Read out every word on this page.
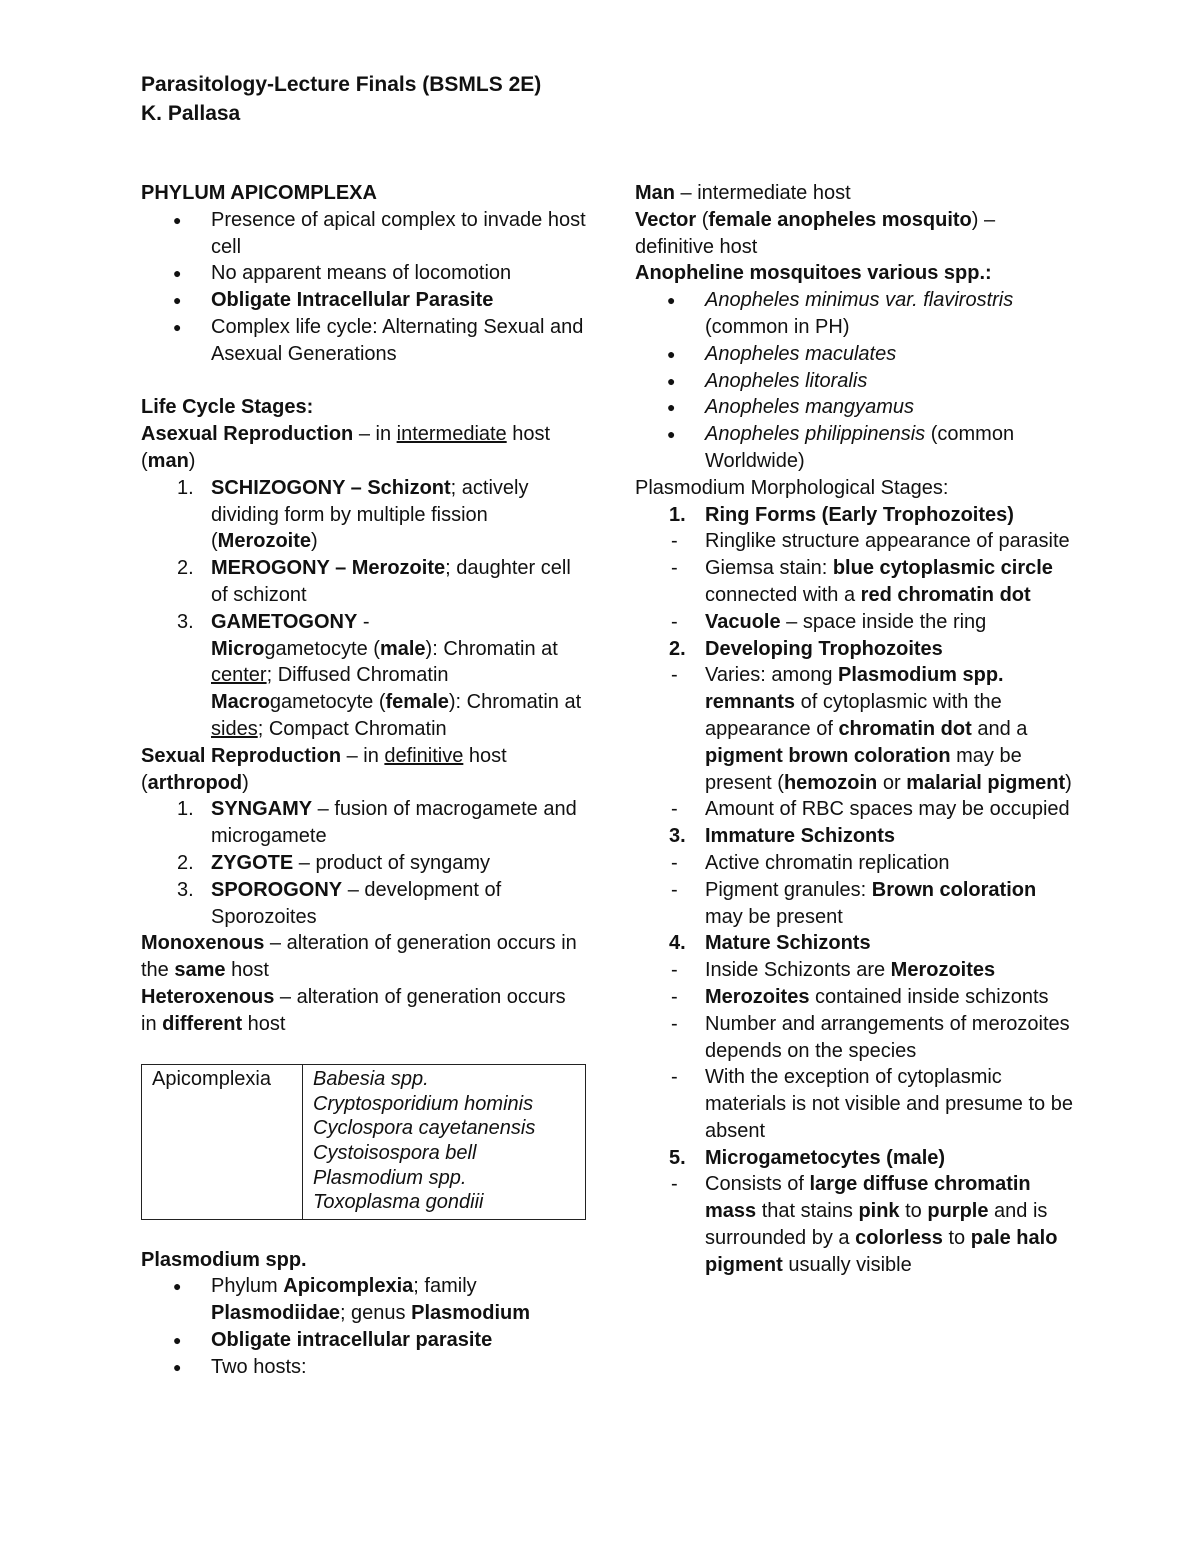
Parasitology-Lecture Finals (BSMLS 2E)
K. Pallasa

PHYLUM APICOMPLEXA

● Presence of apical complex to invade host cell

● No apparent means of locomotion

● Obligate Intracellular Parasite

● Complex life cycle: Alternating Sexual and Asexual Generations

Life Cycle Stages:

Asexual Reproduction – in intermediate host (man)

1. SCHIZOGONY – Schizont; actively dividing form by multiple fission (Merozoite)

2. MEROGONY – Merozoite; daughter cell of schizont

3. GAMETOGONY -

Microgametocyte (male): Chromatin at center; Diffused Chromatin

Macrogametocyte (female): Chromatin at sides; Compact Chromatin

Sexual Reproduction – in definitive host (arthropod)

1. SYNGAMY – fusion of macrogamete and microgamete

2. ZYGOTE – product of syngamy

3. SPOROGONY – development of Sporozoites

Monoxenous – alteration of generation occurs in the same host

Heteroxenous – alteration of generation occurs in different host

Apicomplexia	Babesia spp.
Cryptosporidium hominis
Cyclospora cayetanensis
Cystoisospora bell
Plasmodium spp.
Toxoplasma gondiii

Plasmodium spp.

● Phylum Apicomplexia; family Plasmodiidae; genus Plasmodium

● Obligate intracellular parasite

● Two hosts:

Man – intermediate host

Vector (female anopheles mosquito) – definitive host

Anopheline mosquitoes various spp.:

● Anopheles minimus var. flavirostris (common in PH)

● Anopheles maculates

● Anopheles litoralis

● Anopheles mangyamus

● Anopheles philippinensis (common Worldwide)

Plasmodium Morphological Stages:

1. Ring Forms (Early Trophozoites)

- Ringlike structure appearance of parasite

- Giemsa stain: blue cytoplasmic circle connected with a red chromatin dot

- Vacuole – space inside the ring

2. Developing Trophozoites

- Varies: among Plasmodium spp. remnants of cytoplasmic with the appearance of chromatin dot and a pigment brown coloration may be present (hemozoin or malarial pigment)

- Amount of RBC spaces may be occupied

3. Immature Schizonts

- Active chromatin replication

- Pigment granules: Brown coloration may be present

4. Mature Schizonts

- Inside Schizonts are Merozoites

- Merozoites contained inside schizonts

- Number and arrangements of merozoites depends on the species

- With the exception of cytoplasmic materials is not visible and presume to be absent

5. Microgametocytes (male)

- Consists of large diffuse chromatin mass that stains pink to purple and is surrounded by a colorless to pale halo pigment usually visible
